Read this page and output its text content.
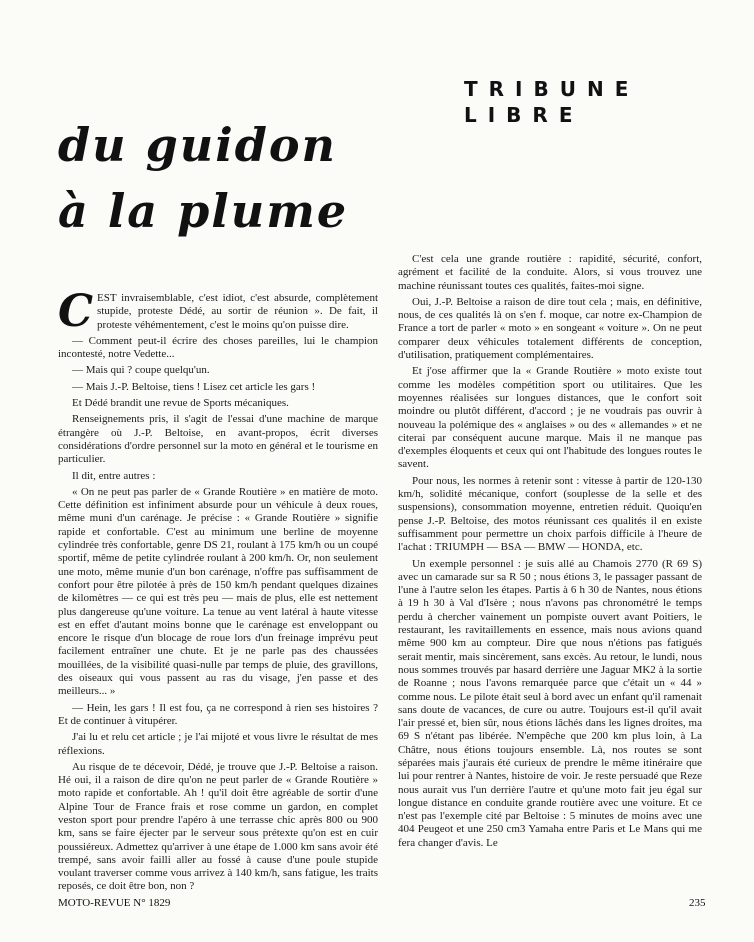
TRIBUNE
LIBRE
du guidon
à la plume

CEST invraisemblable, c'est idiot, c'est absurde, complètement stupide, proteste Dédé, au sortir de réunion ». De fait, il proteste véhémentement, c'est le moins qu'on puisse dire.

— Comment peut-il écrire des choses pareilles, lui le champion incontesté, notre Vedette...

— Mais qui ? coupe quelqu'un.

— Mais J.-P. Beltoise, tiens ! Lisez cet article les gars !

Et Dédé brandit une revue de Sports mécaniques.

Renseignements pris, il s'agit de l'essai d'une machine de marque étrangère où J.-P. Beltoise, en avant-propos, écrit diverses considérations d'ordre personnel sur la moto en général et le tourisme en particulier.

Il dit, entre autres :

« On ne peut pas parler de « Grande Routière » en matière de moto. Cette définition est infiniment absurde pour un véhicule à deux roues, même muni d'un carénage. Je précise : « Grande Routière » signifie rapide et confortable. C'est au minimum une berline de moyenne cylindrée très confortable, genre DS 21, roulant à 175 km/h ou un coupé sportif, même de petite cylindrée roulant à 200 km/h. Or, non seulement une moto, même munie d'un bon carénage, n'offre pas suffisamment de confort pour être pilotée à près de 150 km/h pendant quelques dizaines de kilomètres — ce qui est très peu — mais de plus, elle est nettement plus dangereuse qu'une voiture. La tenue au vent latéral à haute vitesse est en effet d'autant moins bonne que le carénage est enveloppant ou encore le risque d'un blocage de roue lors d'un freinage imprévu peut facilement entraîner une chute. Et je ne parle pas des chaussées mouillées, de la visibilité quasi-nulle par temps de pluie, des gravillons, des oiseaux qui vous passent au ras du visage, j'en passe et des meilleurs... »

— Hein, les gars ! Il est fou, ça ne correspond à rien ses histoires ? Et de continuer à vitupérer.

J'ai lu et relu cet article ; je l'ai mijoté et vous livre le résultat de mes réflexions.

Au risque de te décevoir, Dédé, je trouve que J.-P. Beltoise a raison. Hé oui, il a raison de dire qu'on ne peut parler de « Grande Routière » moto rapide et confortable. Ah ! qu'il doit être agréable de sortir d'une Alpine Tour de France frais et rose comme un gardon, en complet veston sport pour prendre l'apéro à une terrasse chic après 800 ou 900 km, sans se faire éjecter par le serveur sous prétexte qu'on est en cuir poussiéreux. Admettez qu'arriver à une étape de 1.000 km sans avoir été trempé, sans avoir failli aller au fossé à cause d'une poule stupide voulant traverser comme vous arrivez à 140 km/h, sans fatigue, les traits reposés, ce doit être bon, non ?

C'est cela une grande routière : rapidité, sécurité, confort, agrément et facilité de la conduite. Alors, si vous trouvez une machine réunissant toutes ces qualités, faites-moi signe.

Oui, J.-P. Beltoise a raison de dire tout cela ; mais, en définitive, nous, de ces qualités là on s'en f. moque, car notre ex-Champion de France a tort de parler « moto » en songeant « voiture ». On ne peut comparer deux véhicules totalement différents de conception, d'utilisation, pratiquement complémentaires.

Et j'ose affirmer que la « Grande Routière » moto existe tout comme les modèles compétition sport ou utilitaires. Que les moyennes réalisées sur longues distances, que le confort soit moindre ou plutôt différent, d'accord ; je ne voudrais pas ouvrir à nouveau la polémique des « anglaises » ou des « allemandes » et ne citerai par conséquent aucune marque. Mais il ne manque pas d'exemples éloquents et ceux qui ont l'habitude des longues routes le savent.

Pour nous, les normes à retenir sont : vitesse à partir de 120-130 km/h, solidité mécanique, confort (souplesse de la selle et des suspensions), consommation moyenne, entretien réduit. Quoiqu'en pense J.-P. Beltoise, des motos réunissant ces qualités il en existe suffisamment pour permettre un choix parfois difficile à l'heure de l'achat : TRIUMPH — BSA — BMW — HONDA, etc.

Un exemple personnel : je suis allé au Chamois 2770 (R 69 S) avec un camarade sur sa R 50 ; nous étions 3, le passager passant de l'une à l'autre selon les étapes. Partis à 6 h 30 de Nantes, nous étions à 19 h 30 à Val d'Isère ; nous n'avons pas chronométré le temps perdu à chercher vainement un pompiste ouvert avant Poitiers, le restaurant, les ravitaillements en essence, mais nous avions quand même 900 km au compteur. Dire que nous n'étions pas fatigués serait mentir, mais sincèrement, sans excès. Au retour, le lundi, nous nous sommes trouvés par hasard derrière une Jaguar MK2 à la sortie de Roanne ; nous l'avons remarquée parce que c'était un « 44 » comme nous. Le pilote était seul à bord avec un enfant qu'il ramenait sans doute de vacances, de cure ou autre. Toujours est-il qu'il avait l'air pressé et, bien sûr, nous étions lâchés dans les lignes droites, ma 69 S n'étant pas libérée. N'empêche que 200 km plus loin, à La Châtre, nous étions toujours ensemble. Là, nos routes se sont séparées mais j'aurais été curieux de prendre le même itinéraire que lui pour rentrer à Nantes, histoire de voir. Je reste persuadé que Reze nous aurait vus l'un derrière l'autre et qu'une moto fait jeu égal sur longue distance en conduite grande routière avec une voiture. Et ce n'est pas l'exemple cité par Beltoise : 5 minutes de moins avec une 404 Peugeot et une 250 cm3 Yamaha entre Paris et Le Mans qui me fera changer d'avis. Le

MOTO-REVUE N° 1829	235
